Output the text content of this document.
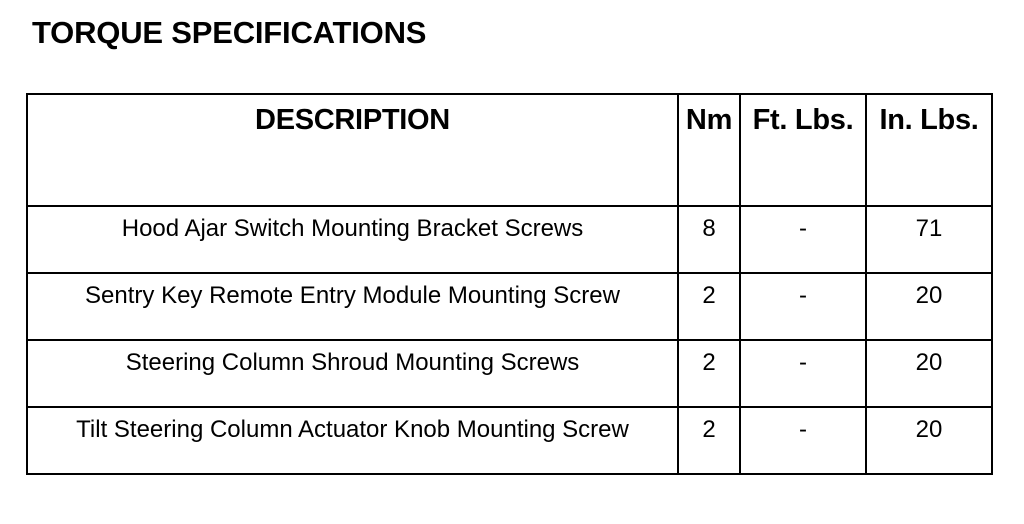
TORQUE SPECIFICATIONS
DESCRIPTION	Nm	Ft. Lbs.	In. Lbs.
Hood Ajar Switch Mounting Bracket Screws	8	-	71
Sentry Key Remote Entry Module Mounting Screw	2	-	20
Steering Column Shroud Mounting Screws	2	-	20
Tilt Steering Column Actuator Knob Mounting Screw	2	-	20
